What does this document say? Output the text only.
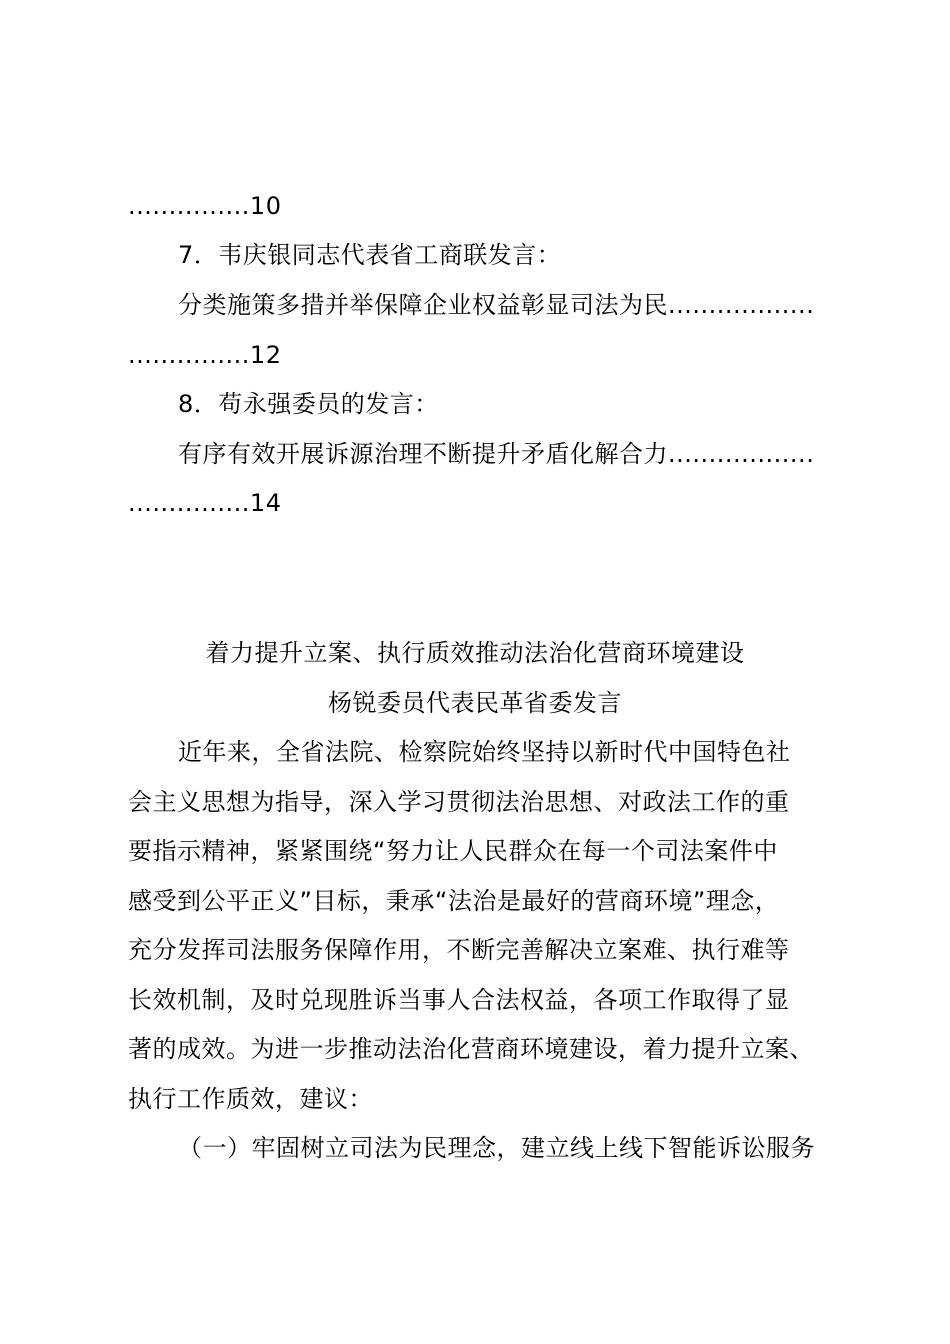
...............10
7．韦庆银同志代表省工商联发言：
分类施策多措并举保障企业权益彰显司法为民..................
...............12
8．苟永强委员的发言：
有序有效开展诉源治理不断提升矛盾化解合力..................
...............14
着力提升立案、执行质效推动法治化营商环境建设
杨锐委员代表民革省委发言
近年来，全省法院、检察院始终坚持以新时代中国特色社
会主义思想为指导，深入学习贯彻法治思想、对政法工作的重
要指示精神，紧紧围绕“努力让人民群众在每一个司法案件中
感受到公平正义”目标，秉承“法治是最好的营商环境”理念，
充分发挥司法服务保障作用，不断完善解决立案难、执行难等
长效机制，及时兑现胜诉当事人合法权益，各项工作取得了显
著的成效。为进一步推动法治化营商环境建设，着力提升立案、
执行工作质效，建议：
（一）牢固树立司法为民理念，建立线上线下智能诉讼服务
